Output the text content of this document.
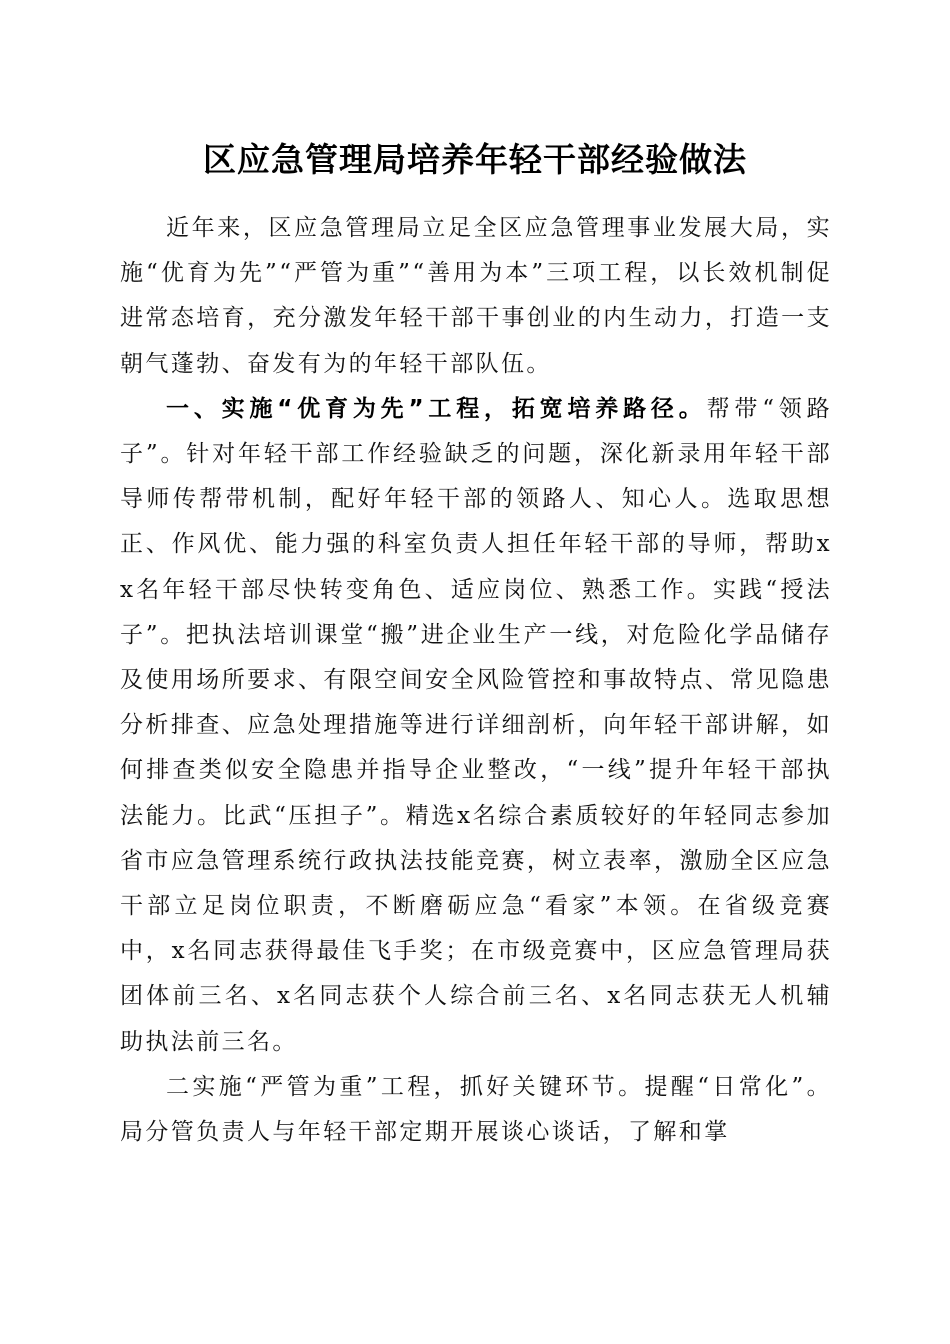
区应急管理局培养年轻干部经验做法

近年来，区应急管理局立足全区应急管理事业发展大局，实施“优育为先”“严管为重”“善用为本”三项工程，以长效机制促进常态培育，充分激发年轻干部干事创业的内生动力，打造一支朝气蓬勃、奋发有为的年轻干部队伍。

一、实施“优育为先”工程，拓宽培养路径。帮带“领路子”。针对年轻干部工作经验缺乏的问题，深化新录用年轻干部导师传帮带机制，配好年轻干部的领路人、知心人。选取思想正、作风优、能力强的科室负责人担任年轻干部的导师，帮助xx名年轻干部尽快转变角色、适应岗位、熟悉工作。实践“授法子”。把执法培训课堂“搬”进企业生产一线，对危险化学品储存及使用场所要求、有限空间安全风险管控和事故特点、常见隐患分析排查、应急处理措施等进行详细剖析，向年轻干部讲解，如何排查类似安全隐患并指导企业整改，“一线”提升年轻干部执法能力。比武“压担子”。精选x名综合素质较好的年轻同志参加省市应急管理系统行政执法技能竞赛，树立表率，激励全区应急干部立足岗位职责，不断磨砺应急“看家”本领。在省级竞赛中，x名同志获得最佳飞手奖；在市级竞赛中，区应急管理局获团体前三名、x名同志获个人综合前三名、x名同志获无人机辅助执法前三名。

二实施“严管为重”工程，抓好关键环节。提醒“日常化”。局分管负责人与年轻干部定期开展谈心谈话，了解和掌
